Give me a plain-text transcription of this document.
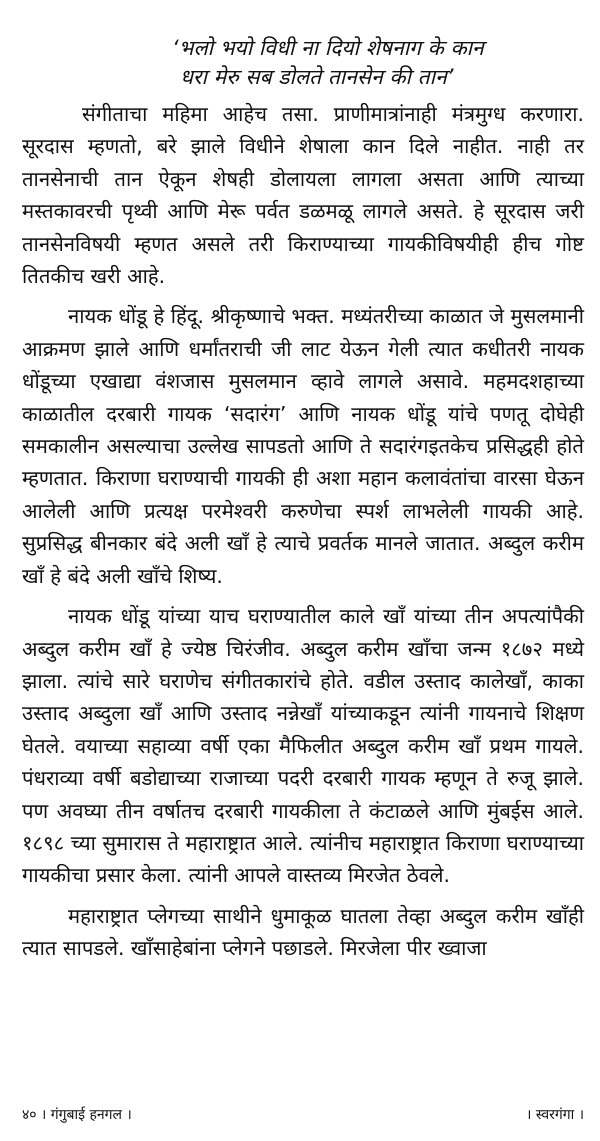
‘भलो भयो विधी ना दियो शेषनाग के कान
धरा मेरु सब डोलते तानसेन की तान’

संगीताचा महिमा आहेच तसा. प्राणीमात्रांनाही मंत्रमुग्ध करणारा. सूरदास म्हणतो, बरे झाले विधीने शेषाला कान दिले नाहीत. नाही तर तानसेनाची तान ऐकून शेषही डोलायला लागला असता आणि त्याच्या मस्तकावरची पृथ्वी आणि मेरू पर्वत डळमळू लागले असते. हे सूरदास जरी तानसेनविषयी म्हणत असले तरी किराण्याच्या गायकीविषयीही हीच गोष्ट तितकीच खरी आहे.

नायक धोंडू हे हिंदू. श्रीकृष्णाचे भक्त. मध्यंतरीच्या काळात जे मुसलमानी आक्रमण झाले आणि धर्मांतराची जी लाट येऊन गेली त्यात कधीतरी नायक धोंडूच्या एखाद्या वंशजास मुसलमान व्हावे लागले असावे. महमदशहाच्या काळातील दरबारी गायक ‘सदारंग’ आणि नायक धोंडू यांचे पणतू दोघेही समकालीन असल्याचा उल्लेख सापडतो आणि ते सदारंगइतकेच प्रसिद्धही होते म्हणतात. किराणा घराण्याची गायकी ही अशा महान कलावंतांचा वारसा घेऊन आलेली आणि प्रत्यक्ष परमेश्वरी करुणेचा स्पर्श लाभलेली गायकी आहे. सुप्रसिद्ध बीनकार बंदे अली खाँ हे त्याचे प्रवर्तक मानले जातात. अब्दुल करीम खाँ हे बंदे अली खाँचे शिष्य.

नायक धोंडू यांच्या याच घराण्यातील काले खाँ यांच्या तीन अपत्यांपैकी अब्दुल करीम खाँ हे ज्येष्ठ चिरंजीव. अब्दुल करीम खाँचा जन्म १८७२ मध्ये झाला. त्यांचे सारे घराणेच संगीतकारांचे होते. वडील उस्ताद कालेखाँ, काका उस्ताद अब्दुला खाँ आणि उस्ताद नन्नेखाँ यांच्याकडून त्यांनी गायनाचे शिक्षण घेतले. वयाच्या सहाव्या वर्षी एका मैफिलीत अब्दुल करीम खाँ प्रथम गायले. पंधराव्या वर्षी बडोद्याच्या राजाच्या पदरी दरबारी गायक म्हणून ते रुजू झाले. पण अवघ्या तीन वर्षातच दरबारी गायकीला ते कंटाळले आणि मुंबईस आले. १८९८ च्या सुमारास ते महाराष्ट्रात आले. त्यांनीच महाराष्ट्रात किराणा घराण्याच्या गायकीचा प्रसार केला. त्यांनी आपले वास्तव्य मिरजेत ठेवले.

महाराष्ट्रात प्लेगच्या साथीने धुमाकूळ घातला तेव्हा अब्दुल करीम खाँही त्यात सापडले. खाँसाहेबांना प्लेगने पछाडले. मिरजेला पीर ख्वाजा

४० । गंगुबाई हनगल ।	। स्वरगंगा ।
